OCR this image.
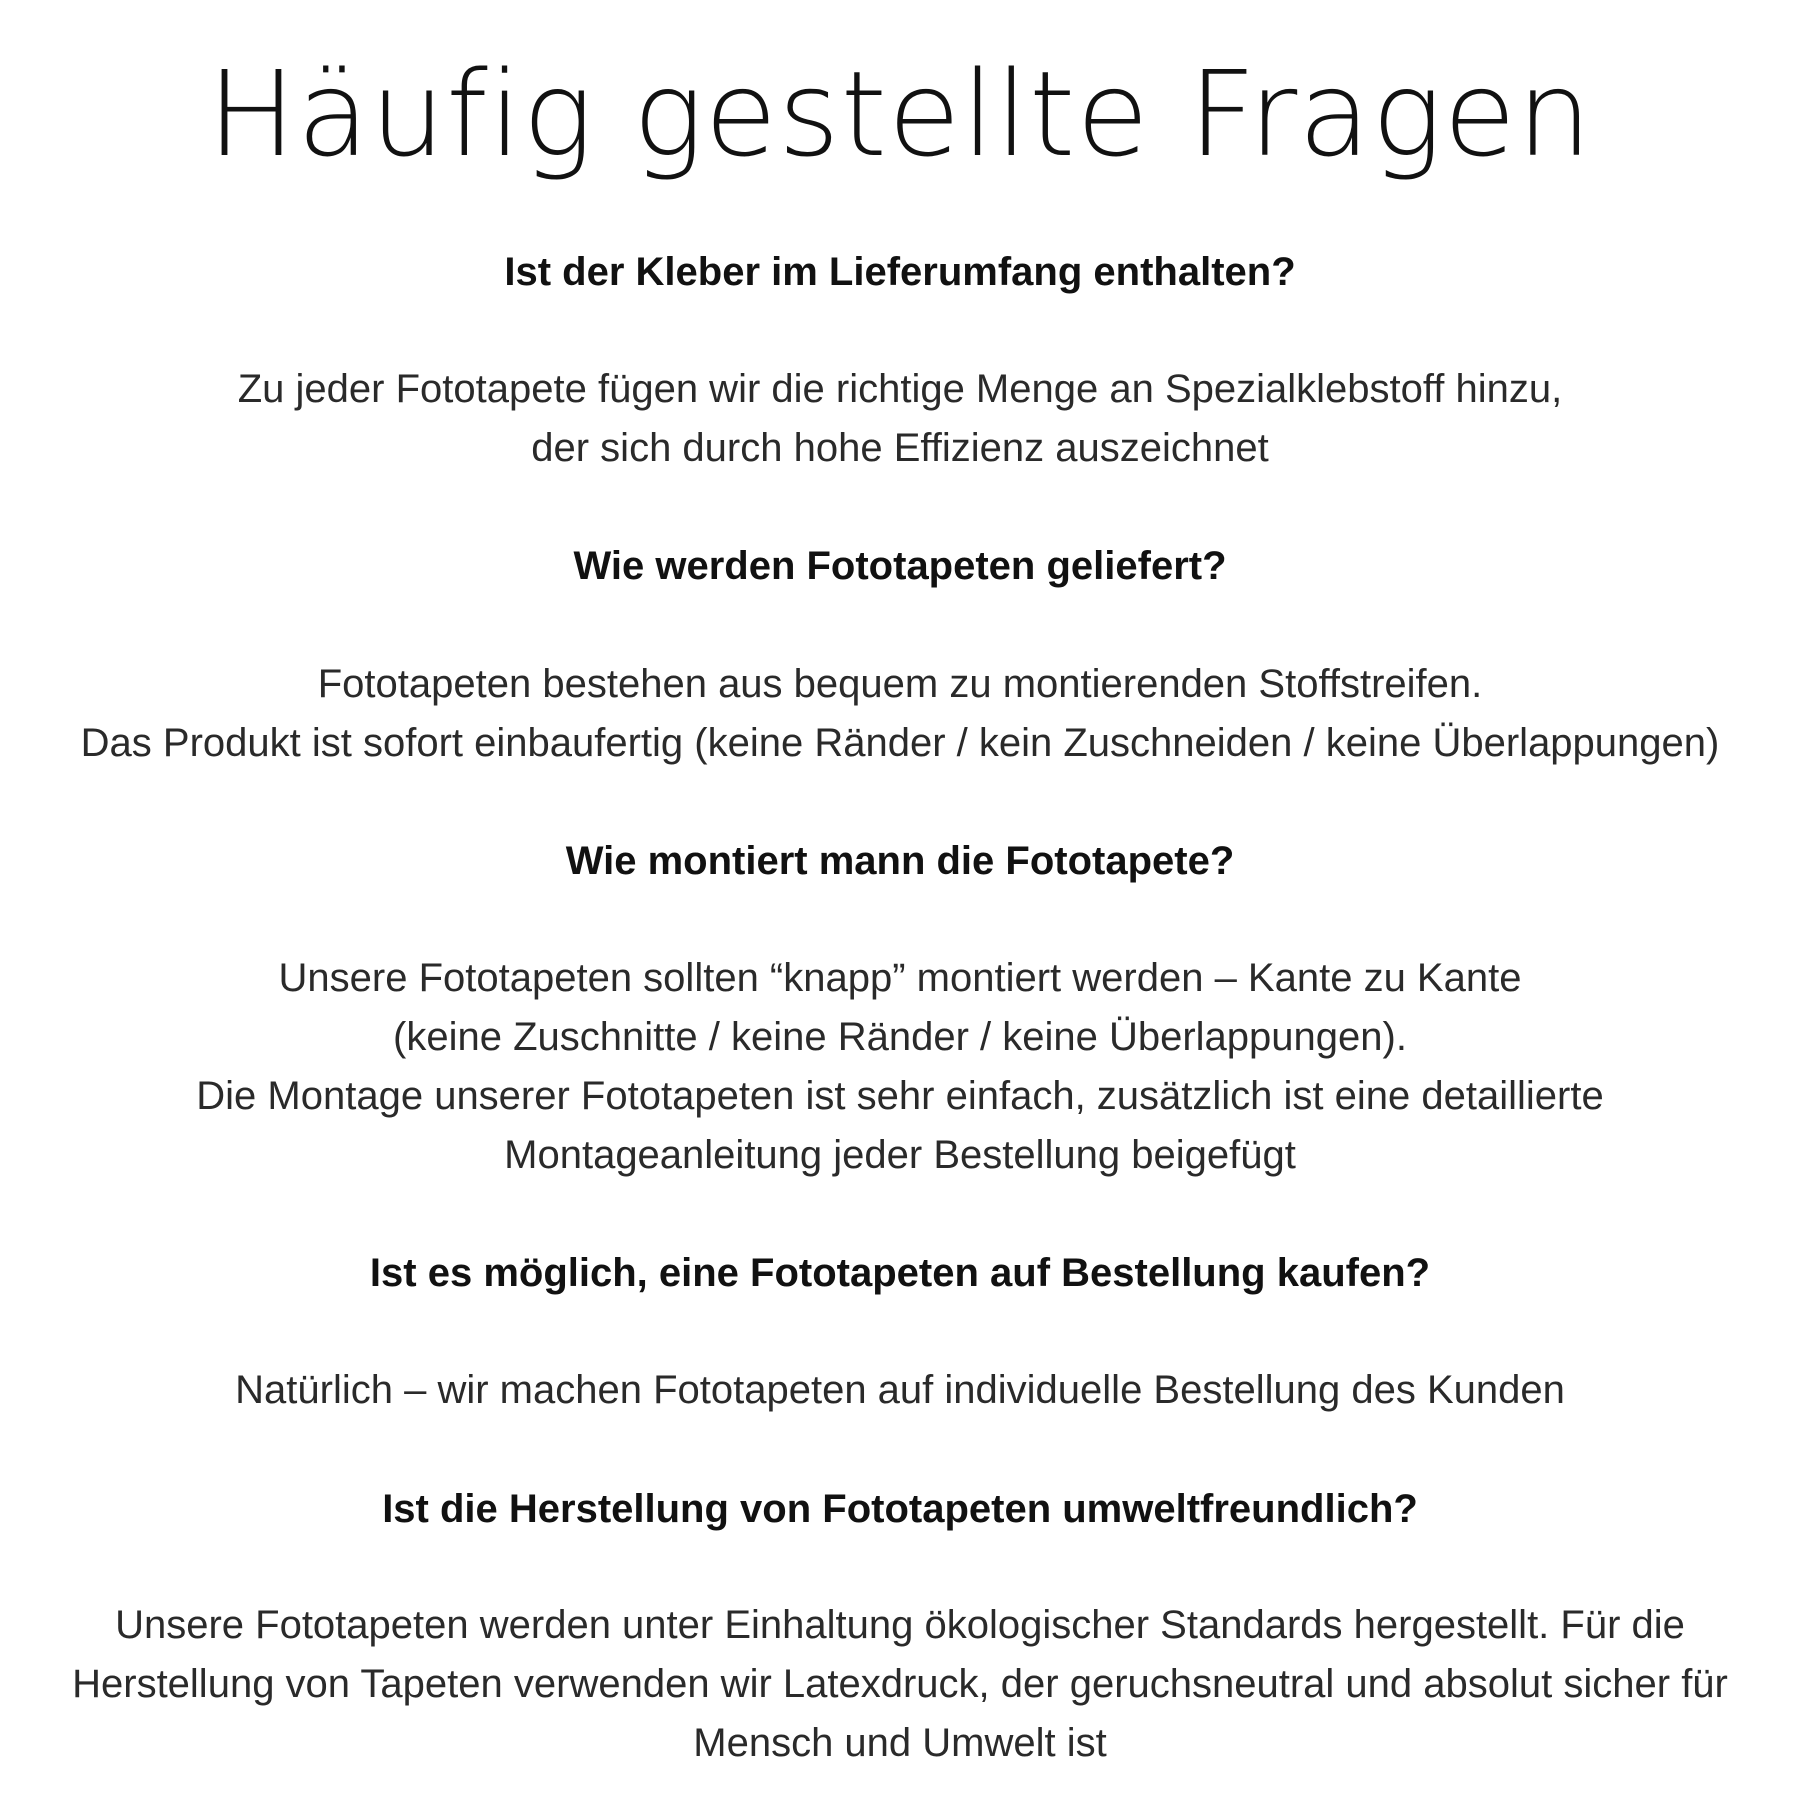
Häufig gestellte Fragen
Ist der Kleber im Lieferumfang enthalten?

Zu jeder Fototapete fügen wir die richtige Menge an Spezialklebstoff hinzu,
der sich durch hohe Effizienz auszeichnet

Wie werden Fototapeten geliefert?

Fototapeten bestehen aus bequem zu montierenden Stoffstreifen.
Das Produkt ist sofort einbaufertig (keine Ränder / kein Zuschneiden / keine Überlappungen)

Wie montiert mann die Fototapete?

Unsere Fototapeten sollten “knapp” montiert werden – Kante zu Kante
(keine Zuschnitte / keine Ränder / keine Überlappungen).
Die Montage unserer Fototapeten ist sehr einfach, zusätzlich ist eine detaillierte
Montageanleitung jeder Bestellung beigefügt

Ist es möglich, eine Fototapeten auf Bestellung kaufen?

Natürlich – wir machen Fototapeten auf individuelle Bestellung des Kunden

Ist die Herstellung von Fototapeten umweltfreundlich?

Unsere Fototapeten werden unter Einhaltung ökologischer Standards hergestellt. Für die
Herstellung von Tapeten verwenden wir Latexdruck, der geruchsneutral und absolut sicher für
Mensch und Umwelt ist
